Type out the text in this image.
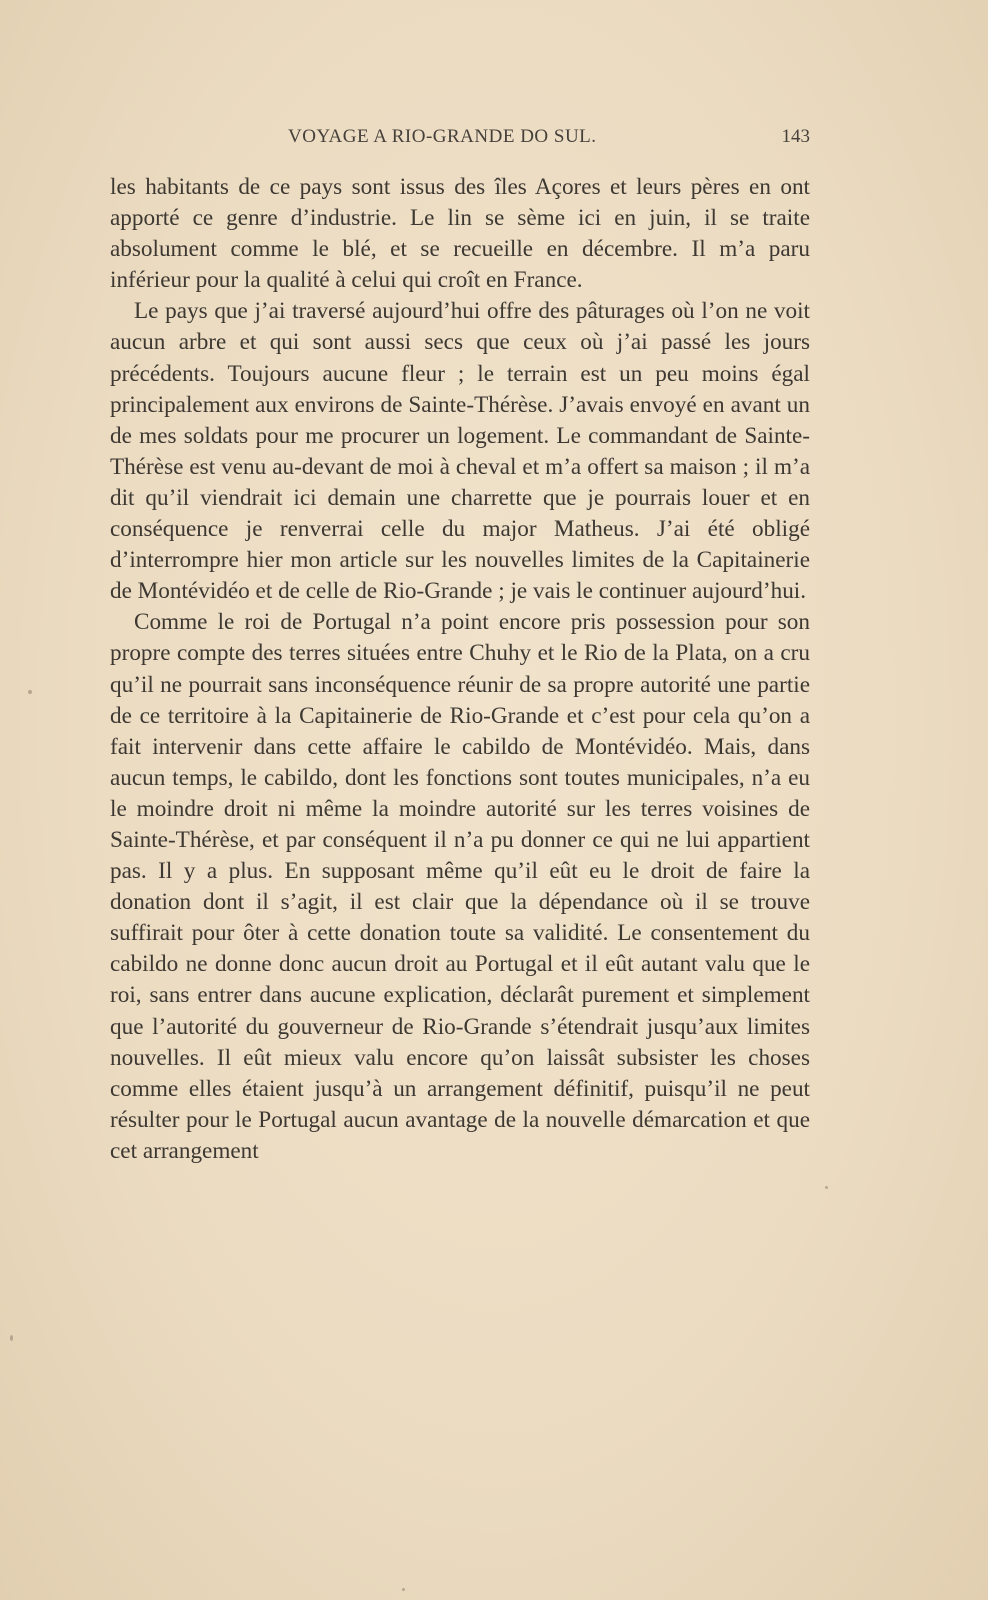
VOYAGE A RIO-GRANDE DO SUL.	143

les habitants de ce pays sont issus des îles Açores et leurs pères en ont apporté ce genre d’industrie. Le lin se sème ici en juin, il se traite absolument comme le blé, et se recueille en décembre. Il m’a paru inférieur pour la qualité à celui qui croît en France.

Le pays que j’ai traversé aujourd’hui offre des pâturages où l’on ne voit aucun arbre et qui sont aussi secs que ceux où j’ai passé les jours précédents. Toujours aucune fleur ; le terrain est un peu moins égal principalement aux environs de Sainte-Thérèse. J’avais envoyé en avant un de mes soldats pour me procurer un logement. Le commandant de Sainte-Thérèse est venu au-devant de moi à cheval et m’a offert sa maison ; il m’a dit qu’il viendrait ici demain une charrette que je pourrais louer et en conséquence je renverrai celle du major Matheus. J’ai été obligé d’interrompre hier mon article sur les nouvelles limites de la Capitainerie de Montévidéo et de celle de Rio-Grande ; je vais le continuer aujourd’hui.

Comme le roi de Portugal n’a point encore pris possession pour son propre compte des terres situées entre Chuhy et le Rio de la Plata, on a cru qu’il ne pourrait sans inconséquence réunir de sa propre autorité une partie de ce territoire à la Capitainerie de Rio-Grande et c’est pour cela qu’on a fait intervenir dans cette affaire le cabildo de Montévidéo. Mais, dans aucun temps, le cabildo, dont les fonctions sont toutes municipales, n’a eu le moindre droit ni même la moindre autorité sur les terres voisines de Sainte-Thérèse, et par conséquent il n’a pu donner ce qui ne lui appartient pas. Il y a plus. En supposant même qu’il eût eu le droit de faire la donation dont il s’agit, il est clair que la dépendance où il se trouve suffirait pour ôter à cette donation toute sa validité. Le consentement du cabildo ne donne donc aucun droit au Portugal et il eût autant valu que le roi, sans entrer dans aucune explication, déclarât purement et simplement que l’autorité du gouverneur de Rio-Grande s’étendrait jusqu’aux limites nouvelles. Il eût mieux valu encore qu’on laissât subsister les choses comme elles étaient jusqu’à un arrangement définitif, puisqu’il ne peut résulter pour le Portugal aucun avantage de la nouvelle démarcation et que cet arrangement
